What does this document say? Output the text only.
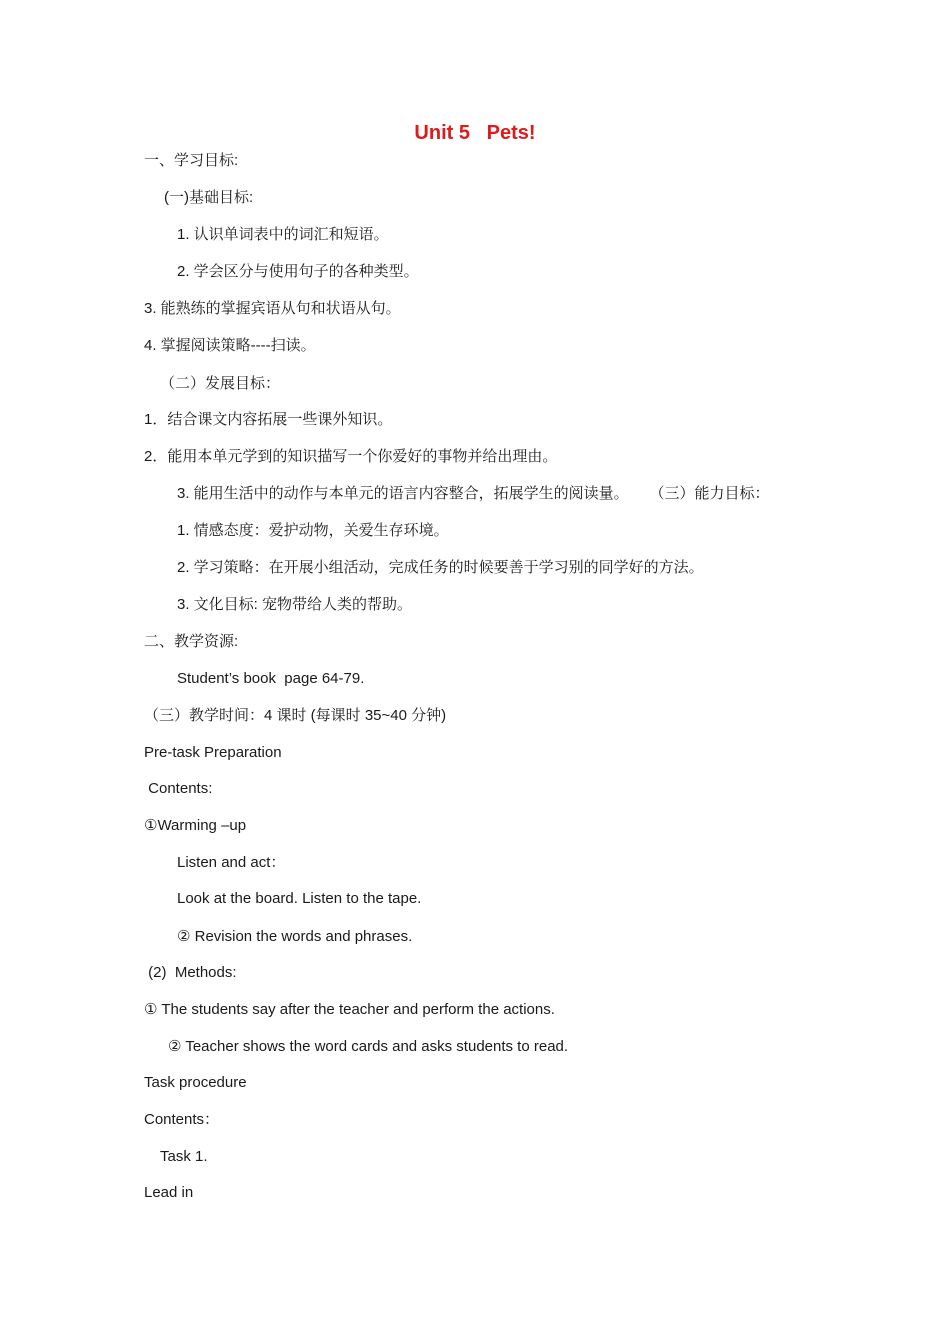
Unit 5   Pets!
一、学习目标:
(一)基础目标:
1. 认识单词表中的词汇和短语。
2. 学会区分与使用句子的各种类型。
3. 能熟练的掌握宾语从句和状语从句。
4. 掌握阅读策略----扫读。
（二）发展目标：
1．结合课文内容拓展一些课外知识。
2．能用本单元学到的知识描写一个你爱好的事物并给出理由。
3. 能用生活中的动作与本单元的语言内容整合，拓展学生的阅读量。     （三）能力目标：
1. 情感态度：爱护动物，关爱生存环境。
2. 学习策略：在开展小组活动，完成任务的时候要善于学习别的同学好的方法。
3. 文化目标: 宠物带给人类的帮助。
二、教学资源:
Student’s book  page 64-79.
（三）教学时间：4 课时 (每课时 35~40 分钟)
Pre-task Preparation
Contents:
①Warming –up
Listen and act：
Look at the board. Listen to the tape.
② Revision the words and phrases.
(2)  Methods:
① The students say after the teacher and perform the actions.
② Teacher shows the word cards and asks students to read.
Task procedure
Contents：
Task 1.
Lead in
